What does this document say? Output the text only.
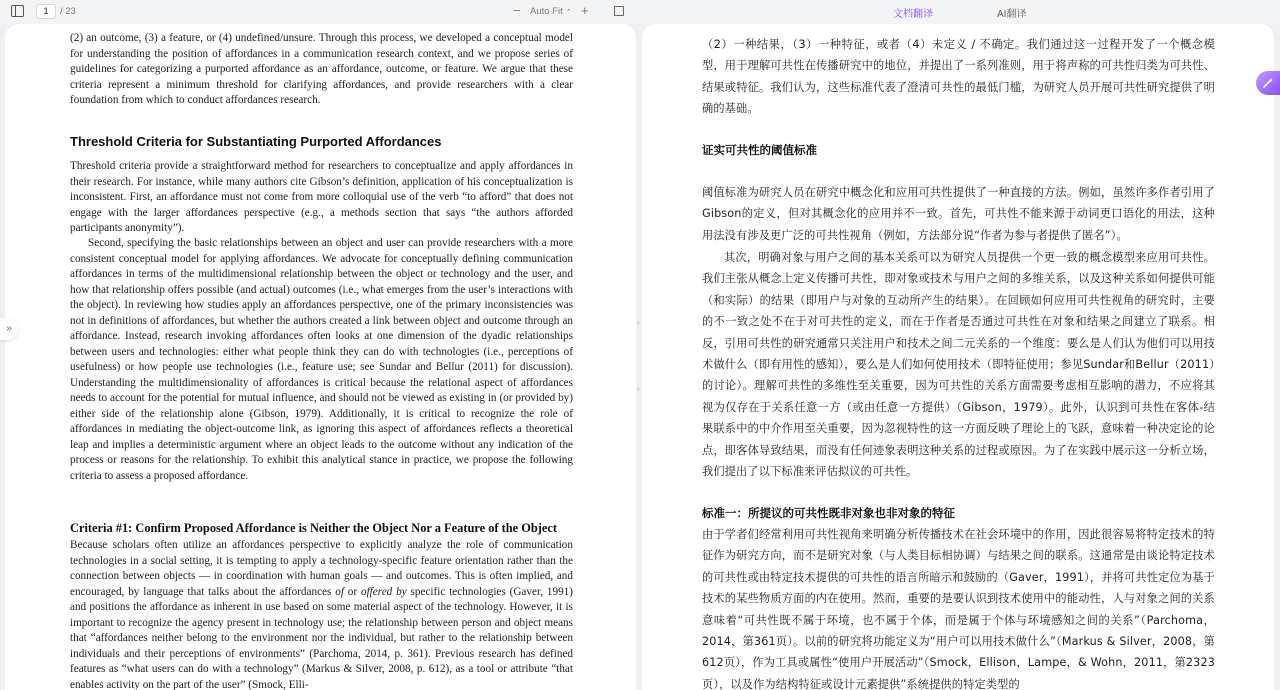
1	/ 23	− Auto Fit ⌃ +	文档翻译	AI翻译

(2) an outcome, (3) a feature, or (4) undefined/unsure. Through this process, we developed a conceptual model for understanding the position of affordances in a communication research context, and we propose series of guidelines for categorizing a purported affordance as an affordance, outcome, or feature. We argue that these criteria represent a minimum threshold for clarifying affordances, and provide researchers with a clear foundation from which to conduct affordances research.

Threshold Criteria for Substantiating Purported Affordances

Threshold criteria provide a straightforward method for researchers to conceptualize and apply affordances in their research. For instance, while many authors cite Gibson’s definition, application of his conceptualization is inconsistent. First, an affordance must not come from more colloquial use of the verb “to afford” that does not engage with the larger affordances perspective (e.g., a methods section that says “the authors afforded participants anonymity”).

Second, specifying the basic relationships between an object and user can provide researchers with a more consistent conceptual model for applying affordances. We advocate for conceptually defining communication affordances in terms of the multidimensional relationship between the object or technology and the user, and how that relationship offers possible (and actual) outcomes (i.e., what emerges from the user’s interactions with the object). In reviewing how studies apply an affordances perspective, one of the primary inconsistencies was not in definitions of affordances, but whether the authors created a link between object and outcome through an affordance. Instead, research invoking affordances often looks at one dimension of the dyadic relationships between users and technologies: either what people think they can do with technologies (i.e., perceptions of usefulness) or how people use technologies (i.e., feature use; see Sundar and Bellur (2011) for discussion). Understanding the multidimensionality of affordances is critical because the relational aspect of affordances needs to account for the potential for mutual influence, and should not be viewed as existing in (or provided by) either side of the relationship alone (Gibson, 1979). Additionally, it is critical to recognize the role of affordances in mediating the object-outcome link, as ignoring this aspect of affordances reflects a theoretical leap and implies a deterministic argument where an object leads to the outcome without any indication of the process or reasons for the relationship. To exhibit this analytical stance in practice, we propose the following criteria to assess a proposed affordance.

Criteria #1: Confirm Proposed Affordance is Neither the Object Nor a Feature of the Object

Because scholars often utilize an affordances perspective to explicitly analyze the role of communication technologies in a social setting, it is tempting to apply a technology-specific feature orientation rather than the connection between objects — in coordination with human goals — and outcomes. This is often implied, and encouraged, by language that talks about the affordances of or offered by specific technologies (Gaver, 1991) and positions the affordance as inherent in use based on some material aspect of the technology. However, it is important to recognize the agency present in technology use; the relationship between person and object means that “affordances neither belong to the environment nor the individual, but rather to the relationship between individuals and their perceptions of environments” (Parchoma, 2014, p. 361). Previous research has defined features as “what users can do with a technology” (Markus & Silver, 2008, p. 612), as a tool or attribute “that enables activity on the part of the user” (Smock, Elli-

（2）一种结果，（3）一种特征，或者（4）未定义 / 不确定。我们通过这一过程开发了一个概念模型，用于理解可共性在传播研究中的地位，并提出了一系列准则，用于将声称的可共性归类为可共性、结果或特征。我们认为，这些标准代表了澄清可共性的最低门槛，为研究人员开展可共性研究提供了明确的基础。

证实可共性的阈值标准

阈值标准为研究人员在研究中概念化和应用可共性提供了一种直接的方法。例如，虽然许多作者引用了Gibson的定义，但对其概念化的应用并不一致。首先，可共性不能来源于动词更口语化的用法，这种用法没有涉及更广泛的可共性视角（例如，方法部分说“作者为参与者提供了匿名”）。

其次，明确对象与用户之间的基本关系可以为研究人员提供一个更一致的概念模型来应用可共性。我们主张从概念上定义传播可共性，即对象或技术与用户之间的多维关系，以及这种关系如何提供可能（和实际）的结果（即用户与对象的互动所产生的结果）。在回顾如何应用可共性视角的研究时，主要的不一致之处不在于对可共性的定义，而在于作者是否通过可共性在对象和结果之间建立了联系。相反，引用可共性的研究通常只关注用户和技术之间二元关系的一个维度：要么是人们认为他们可以用技术做什么（即有用性的感知），要么是人们如何使用技术（即特征使用；参见Sundar和Bellur（2011）的讨论）。理解可共性的多维性至关重要，因为可共性的关系方面需要考虑相互影响的潜力，不应将其视为仅存在于关系任意一方（或由任意一方提供）（Gibson，1979）。此外，认识到可共性在客体-结果联系中的中介作用至关重要，因为忽视特性的这一方面反映了理论上的飞跃，意味着一种决定论的论点，即客体导致结果，而没有任何迹象表明这种关系的过程或原因。为了在实践中展示这一分析立场，我们提出了以下标准来评估拟议的可共性。

标准一：所提议的可共性既非对象也非对象的特征

由于学者们经常利用可共性视角来明确分析传播技术在社会环境中的作用，因此很容易将特定技术的特征作为研究方向，而不是研究对象（与人类目标相协调）与结果之间的联系。这通常是由谈论特定技术的可共性或由特定技术提供的可共性的语言所暗示和鼓励的（Gaver，1991），并将可共性定位为基于技术的某些物质方面的内在使用。然而，重要的是要认识到技术使用中的能动性，人与对象之间的关系意味着“可共性既不属于环境，也不属于个体，而是属于个体与环境感知之间的关系”（Parchoma，2014，第361页）。以前的研究将功能定义为“用户可以用技术做什么”（Markus & Silver，2008，第612页），作为工具或属性“使用户开展活动”（Smock，Ellison，Lampe，& Wohn，2011，第2323页），以及作为结构特征或设计元素提供”系统提供的特定类型的

»
‹
‹
